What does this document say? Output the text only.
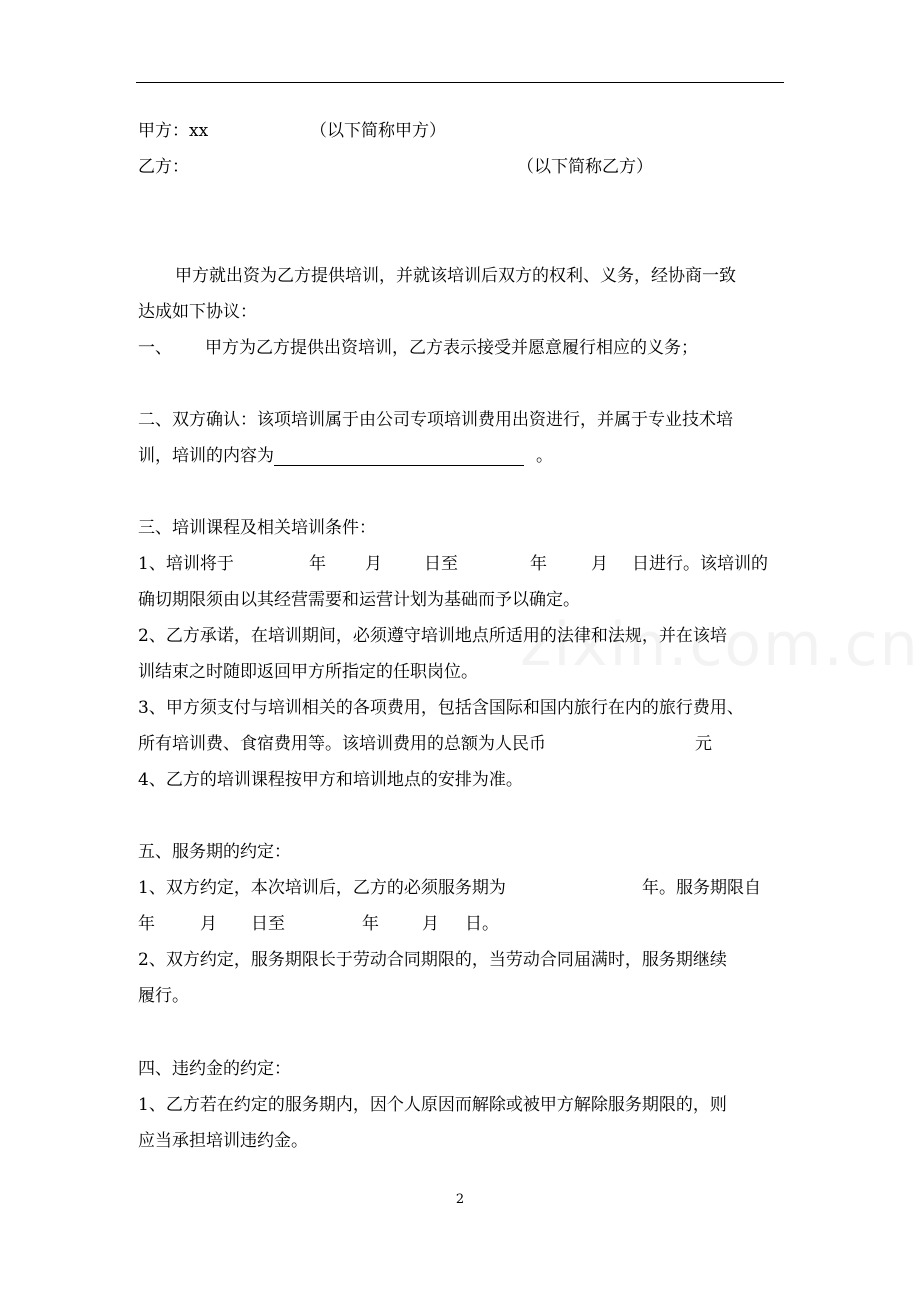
甲方：xx	（以下简称甲方）
乙方：	（以下简称乙方）
甲方就出资为乙方提供培训，并就该培训后双方的权利、义务，经协商一致
达成如下协议：
一、 甲方为乙方提供出资培训，乙方表示接受并愿意履行相应的义务；
二、双方确认：该项培训属于由公司专项培训费用出资进行，并属于专业技术培
训，培训的内容为	。
三、培训课程及相关培训条件：
1、培训将于	年 月 日至	年	月 日进行。该培训的
确切期限须由以其经营需要和运营计划为基础而予以确定。
2、乙方承诺，在培训期间，必须遵守培训地点所适用的法律和法规，并在该培
训结束之时随即返回甲方所指定的任职岗位。
3、甲方须支付与培训相关的各项费用，包括含国际和国内旅行在内的旅行费用、
所有培训费、食宿费用等。该培训费用的总额为人民币	元
4、乙方的培训课程按甲方和培训地点的安排为准。
五、服务期的约定：
1、双方约定，本次培训后，乙方的必须服务期为	年。服务期限自
年	月 日至	年	月 日。
2、双方约定，服务期限长于劳动合同期限的，当劳动合同届满时，服务期继续
履行。
四、违约金的约定：
1、乙方若在约定的服务期内，因个人原因而解除或被甲方解除服务期限的，则
应当承担培训违约金。
2
